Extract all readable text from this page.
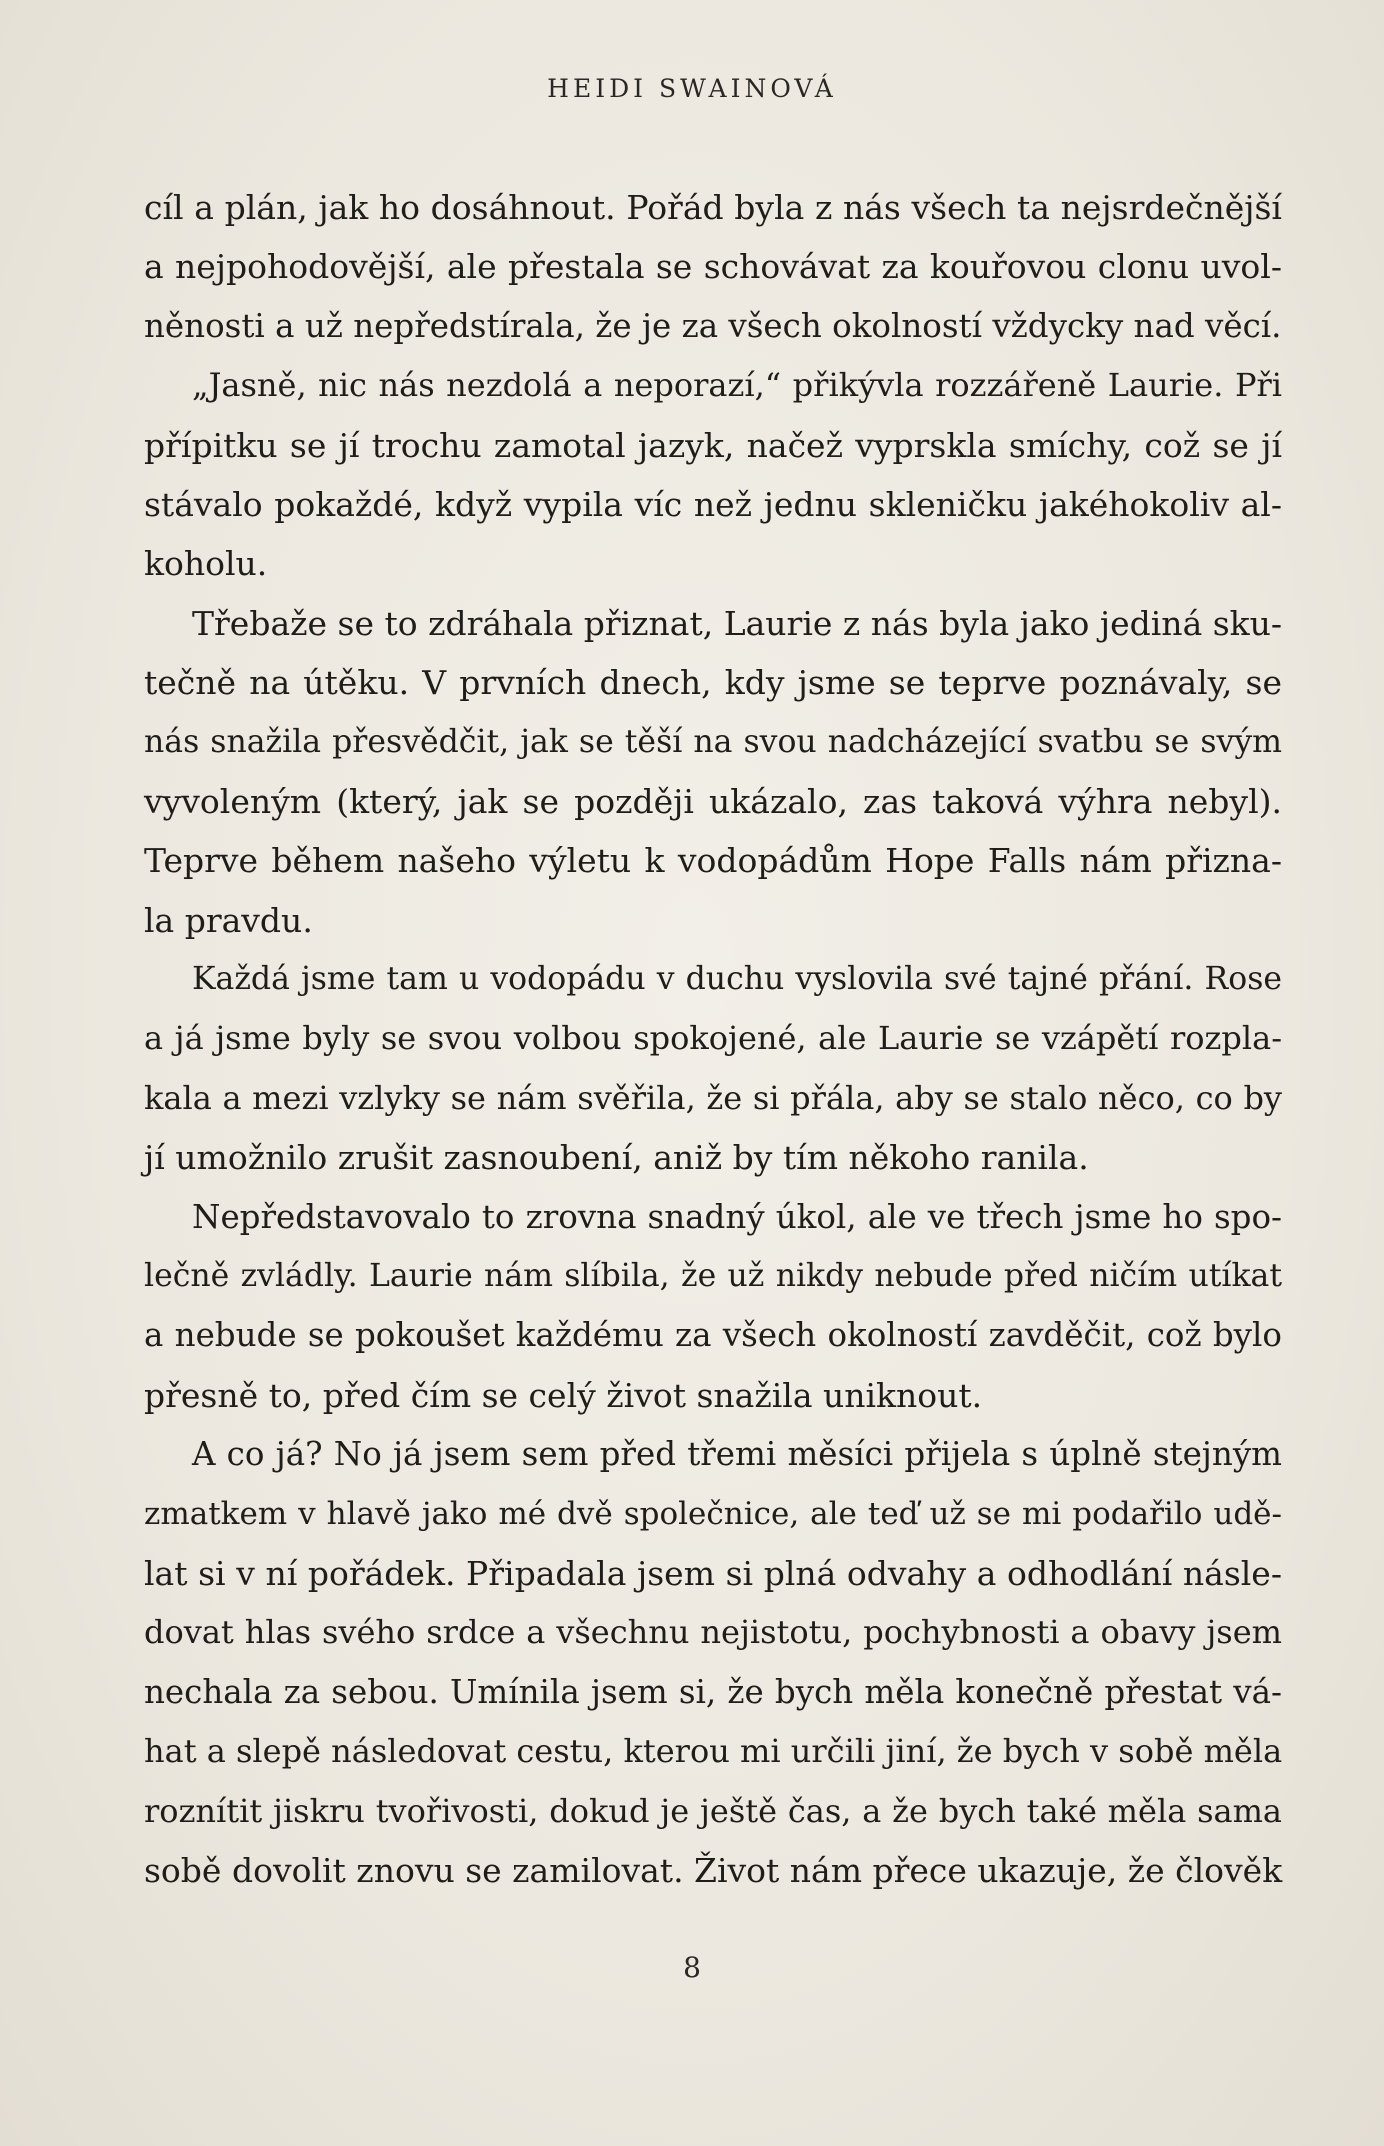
HEIDI SWAINOVÁ
cíl a plán, jak ho dosáhnout. Pořád byla z nás všech ta nejsrdečnější
a nejpohodovější, ale přestala se schovávat za kouřovou clonu uvol-
něnosti a už nepředstírala, že je za všech okolností vždycky nad věcí.
„Jasně, nic nás nezdolá a neporazí,“ přikývla rozzářeně Laurie. Při
přípitku se jí trochu zamotal jazyk, načež vyprskla smíchy, což se jí
stávalo pokaždé, když vypila víc než jednu skleničku jakéhokoliv al-
koholu.
Třebaže se to zdráhala přiznat, Laurie z nás byla jako jediná sku-
tečně na útěku. V prvních dnech, kdy jsme se teprve poznávaly, se
nás snažila přesvědčit, jak se těší na svou nadcházející svatbu se svým
vyvoleným (který, jak se později ukázalo, zas taková výhra nebyl).
Teprve během našeho výletu k vodopádům Hope Falls nám přizna-
la pravdu.
Každá jsme tam u vodopádu v duchu vyslovila své tajné přání. Rose
a já jsme byly se svou volbou spokojené, ale Laurie se vzápětí rozpla-
kala a mezi vzlyky se nám svěřila, že si přála, aby se stalo něco, co by
jí umožnilo zrušit zasnoubení, aniž by tím někoho ranila.
Nepředstavovalo to zrovna snadný úkol, ale ve třech jsme ho spo-
lečně zvládly. Laurie nám slíbila, že už nikdy nebude před ničím utíkat
a nebude se pokoušet každému za všech okolností zavděčit, což bylo
přesně to, před čím se celý život snažila uniknout.
A co já? No já jsem sem před třemi měsíci přijela s úplně stejným
zmatkem v hlavě jako mé dvě společnice, ale teď už se mi podařilo udě-
lat si v ní pořádek. Připadala jsem si plná odvahy a odhodlání násle-
dovat hlas svého srdce a všechnu nejistotu, pochybnosti a obavy jsem
nechala za sebou. Umínila jsem si, že bych měla konečně přestat vá-
hat a slepě následovat cestu, kterou mi určili jiní, že bych v sobě měla
roznítit jiskru tvořivosti, dokud je ještě čas, a že bych také měla sama
sobě dovolit znovu se zamilovat. Život nám přece ukazuje, že člověk
8
